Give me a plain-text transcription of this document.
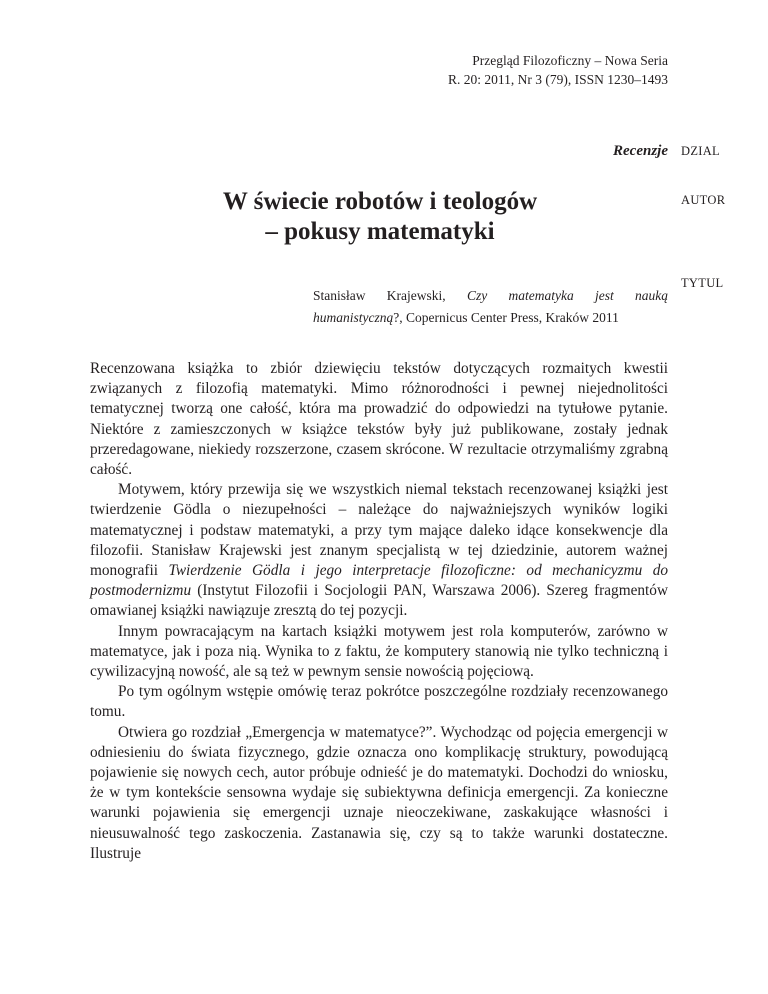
Przegląd Filozoficzny – Nowa Seria
R. 20: 2011, Nr 3 (79), ISSN 1230–1493
Recenzje DZIAL
AUTOR
TYTUL
W świecie robotów i teologów
– pokusy matematyki
Stanisław Krajewski, Czy matematyka jest nauką humanistyczną?, Copernicus Center Press, Kraków 2011

Recenzowana książka to zbiór dziewięciu tekstów dotyczących rozmaitych kwestii związanych z filozofią matematyki. Mimo różnorodności i pewnej niejednolitości tematycznej tworzą one całość, która ma prowadzić do odpowiedzi na tytułowe pytanie. Niektóre z zamieszczonych w książce tekstów były już publikowane, zostały jednak przeredagowane, niekiedy rozszerzone, czasem skrócone. W rezultacie otrzymaliśmy zgrabną całość.

Motywem, który przewija się we wszystkich niemal tekstach recenzowanej książki jest twierdzenie Gödla o niezupełności – należące do najważniejszych wyników logiki matematycznej i podstaw matematyki, a przy tym mające daleko idące konsekwencje dla filozofii. Stanisław Krajewski jest znanym specjalistą w tej dziedzinie, autorem ważnej monografii Twierdzenie Gödla i jego interpretacje filozoficzne: od mechanicyzmu do postmodernizmu (Instytut Filozofii i Socjologii PAN, Warszawa 2006). Szereg fragmentów omawianej książki nawiązuje zresztą do tej pozycji.

Innym powracającym na kartach książki motywem jest rola komputerów, zarówno w matematyce, jak i poza nią. Wynika to z faktu, że komputery stanowią nie tylko techniczną i cywilizacyjną nowość, ale są też w pewnym sensie nowością pojęciową.

Po tym ogólnym wstępie omówię teraz pokrótce poszczególne rozdziały recenzowanego tomu.

Otwiera go rozdział „Emergencja w matematyce?”. Wychodząc od pojęcia emergencji w odniesieniu do świata fizycznego, gdzie oznacza ono komplikację struktury, powodującą pojawienie się nowych cech, autor próbuje odnieść je do matematyki. Dochodzi do wniosku, że w tym kontekście sensowna wydaje się subiektywna definicja emergencji. Za konieczne warunki pojawienia się emergencji uznaje nieoczekiwane, zaskakujące własności i nieusuwalność tego zaskoczenia. Zastanawia się, czy są to także warunki dostateczne. Ilustruje
